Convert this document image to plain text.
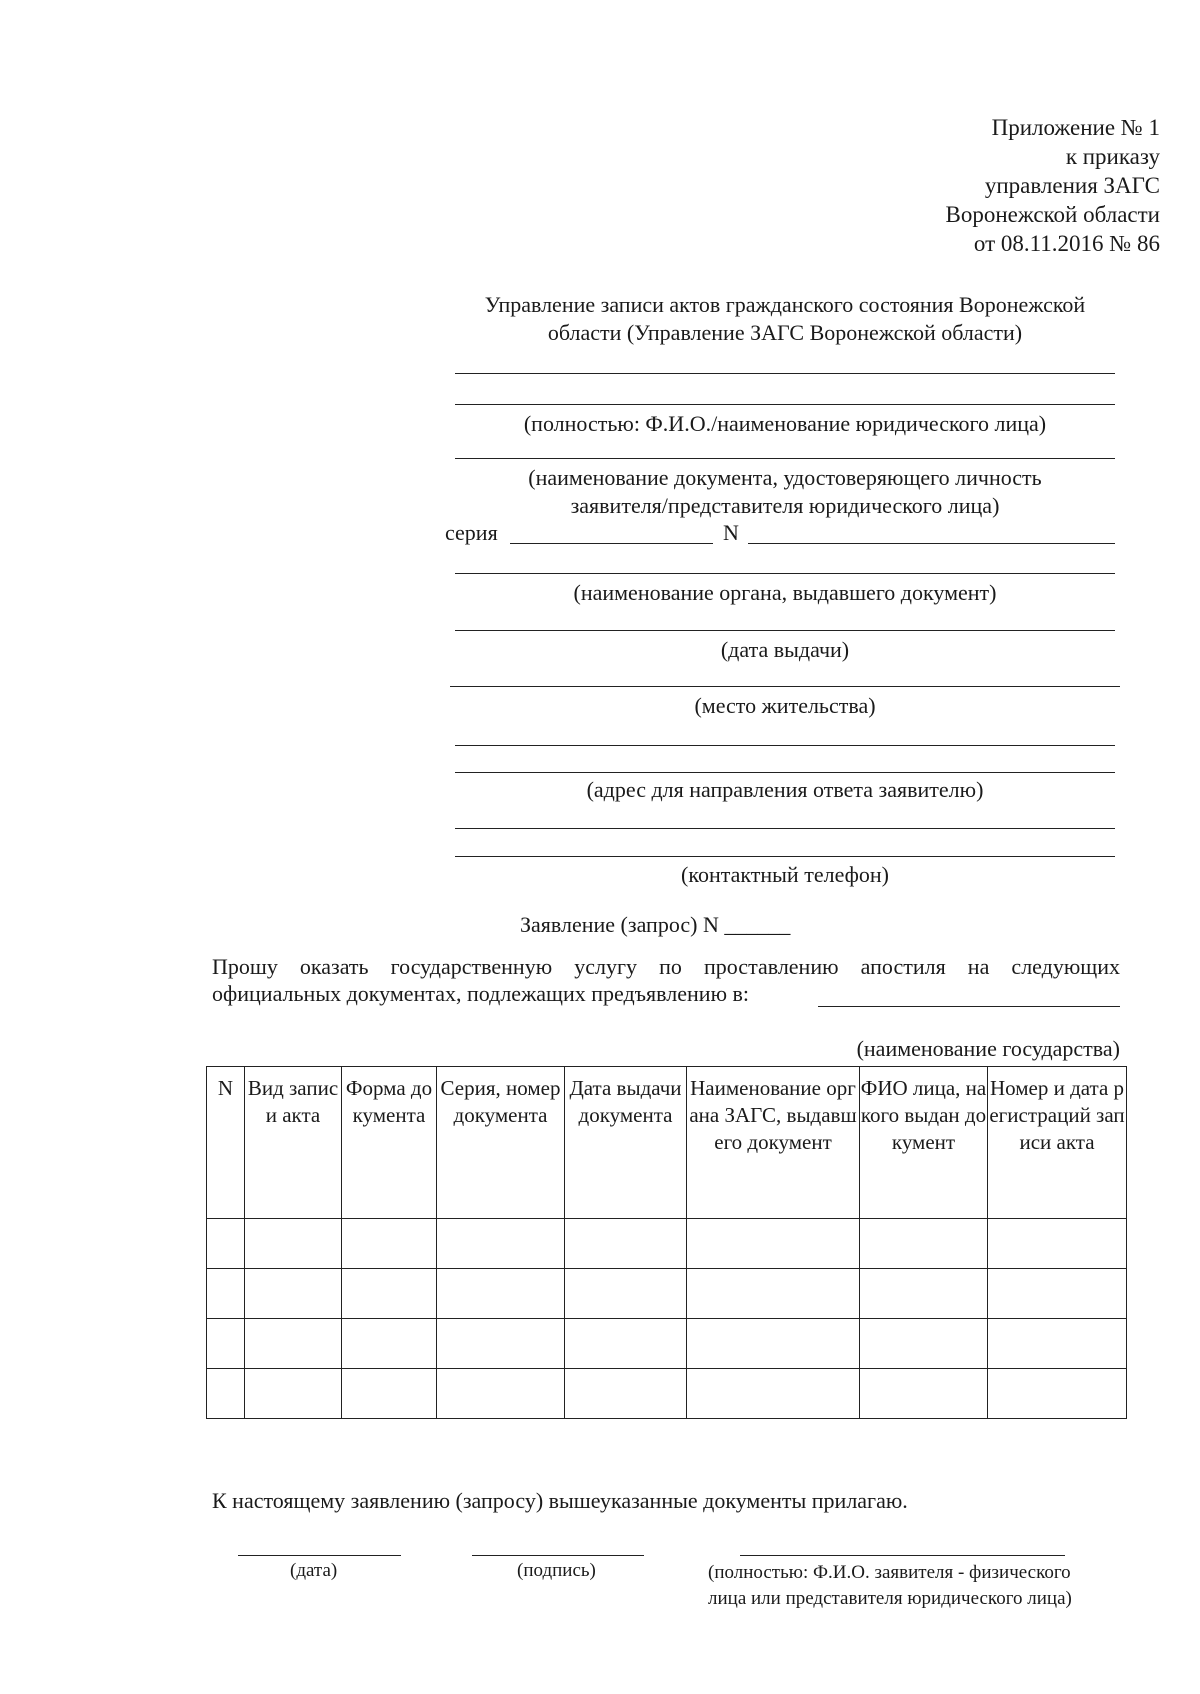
Приложение № 1
к приказу
управления ЗАГС
Воронежской области
от 08.11.2016 № 86
Управление записи актов гражданского состояния Воронежской
области (Управление ЗАГС Воронежской области)
(полностью: Ф.И.О./наименование юридического лица)
(наименование документа, удостоверяющего личность
заявителя/представителя юридического лица)
серия	N
(наименование органа, выдавшего документ)
(дата выдачи)
(место жительства)
(адрес для направления ответа заявителю)
(контактный телефон)
Заявление (запрос) N ______
Прошу оказать государственную услугу по проставлению апостиля на следующих
официальных документах, подлежащих предъявлению в:
(наименование государства)
N	Вид записи акта	Форма документа	Серия, номер документа	Дата выдачи документа	Наименование органа ЗАГС, выдавшего документ	ФИО лица, на кого выдан документ	Номер и дата регистраций записи акта

К настоящему заявлению (запросу) вышеуказанные документы прилагаю.
(дата)	(подпись)	(полностью: Ф.И.О. заявителя - физического
лица или представителя юридического лица)
